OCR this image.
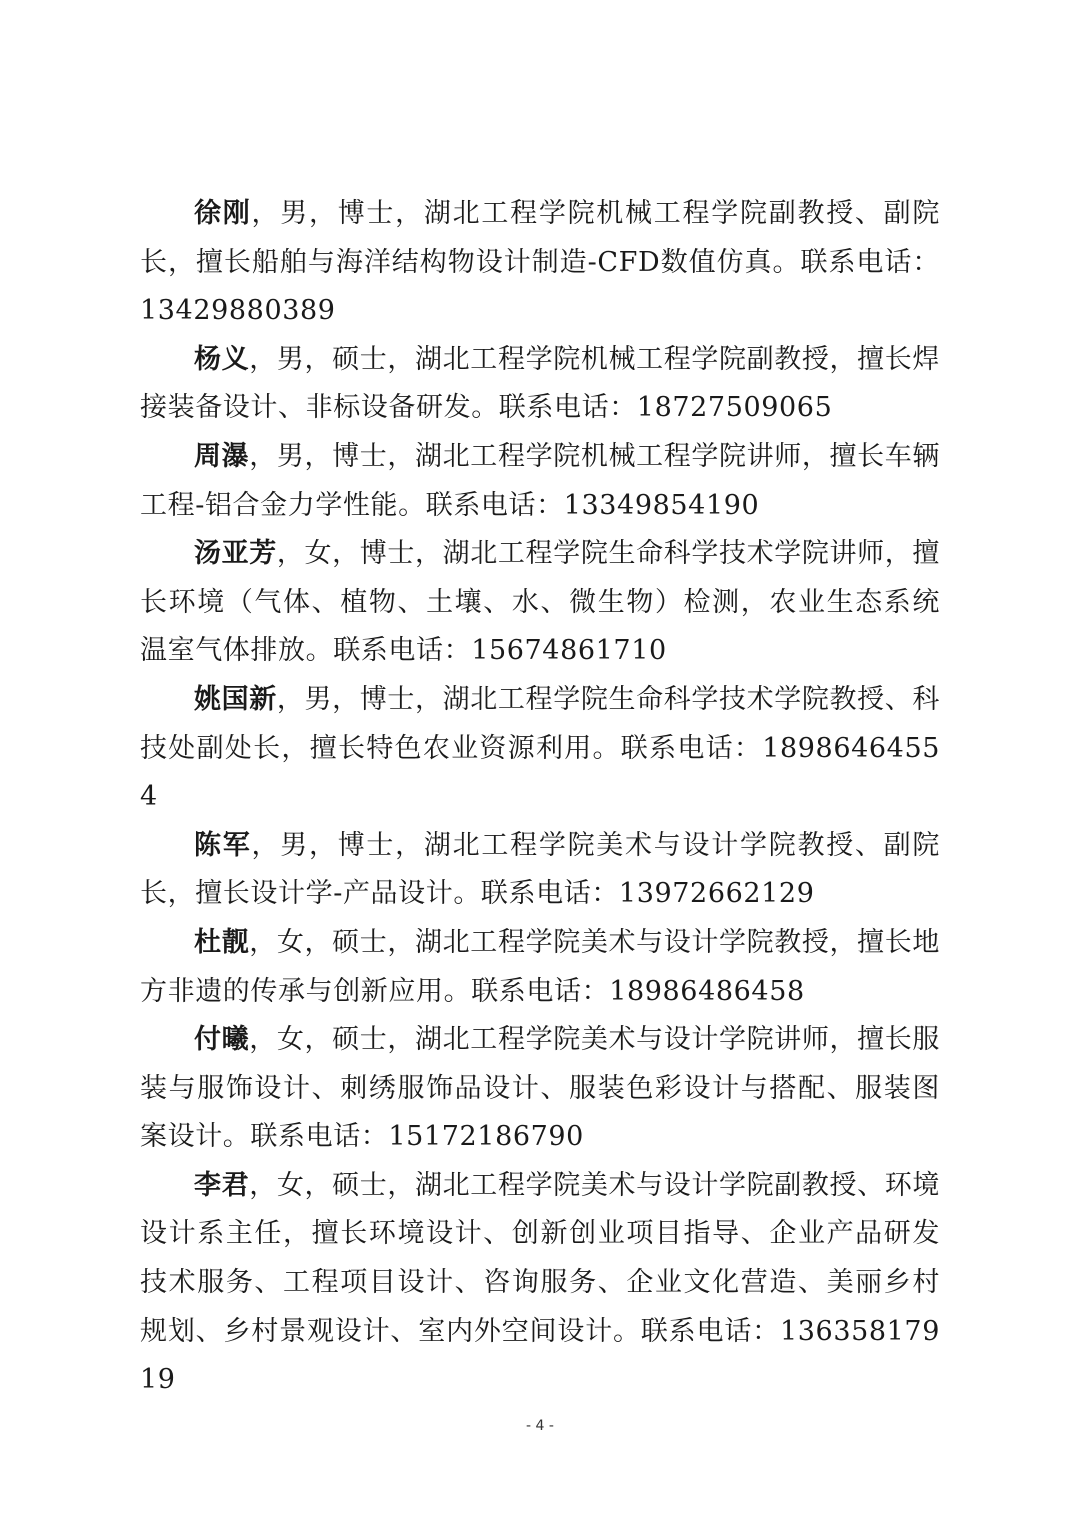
徐刚，男，博士，湖北工程学院机械工程学院副教授、副院长，擅长船舶与海洋结构物设计制造-CFD数值仿真。联系电话：13429880389

杨义，男，硕士，湖北工程学院机械工程学院副教授，擅长焊接装备设计、非标设备研发。联系电话：18727509065

周瀑，男，博士，湖北工程学院机械工程学院讲师，擅长车辆工程-铝合金力学性能。联系电话：13349854190

汤亚芳，女，博士，湖北工程学院生命科学技术学院讲师，擅长环境（气体、植物、土壤、水、微生物）检测，农业生态系统温室气体排放。联系电话：15674861710

姚国新，男，博士，湖北工程学院生命科学技术学院教授、科技处副处长，擅长特色农业资源利用。联系电话：18986464554

陈军，男，博士，湖北工程学院美术与设计学院教授、副院长，擅长设计学-产品设计。联系电话：13972662129

杜靓，女，硕士，湖北工程学院美术与设计学院教授，擅长地方非遗的传承与创新应用。联系电话：18986486458

付曦，女，硕士，湖北工程学院美术与设计学院讲师，擅长服装与服饰设计、刺绣服饰品设计、服装色彩设计与搭配、服装图案设计。联系电话：15172186790

李君，女，硕士，湖北工程学院美术与设计学院副教授、环境设计系主任，擅长环境设计、创新创业项目指导、企业产品研发技术服务、工程项目设计、咨询服务、企业文化营造、美丽乡村规划、乡村景观设计、室内外空间设计。联系电话：13635817919

- 4 -
